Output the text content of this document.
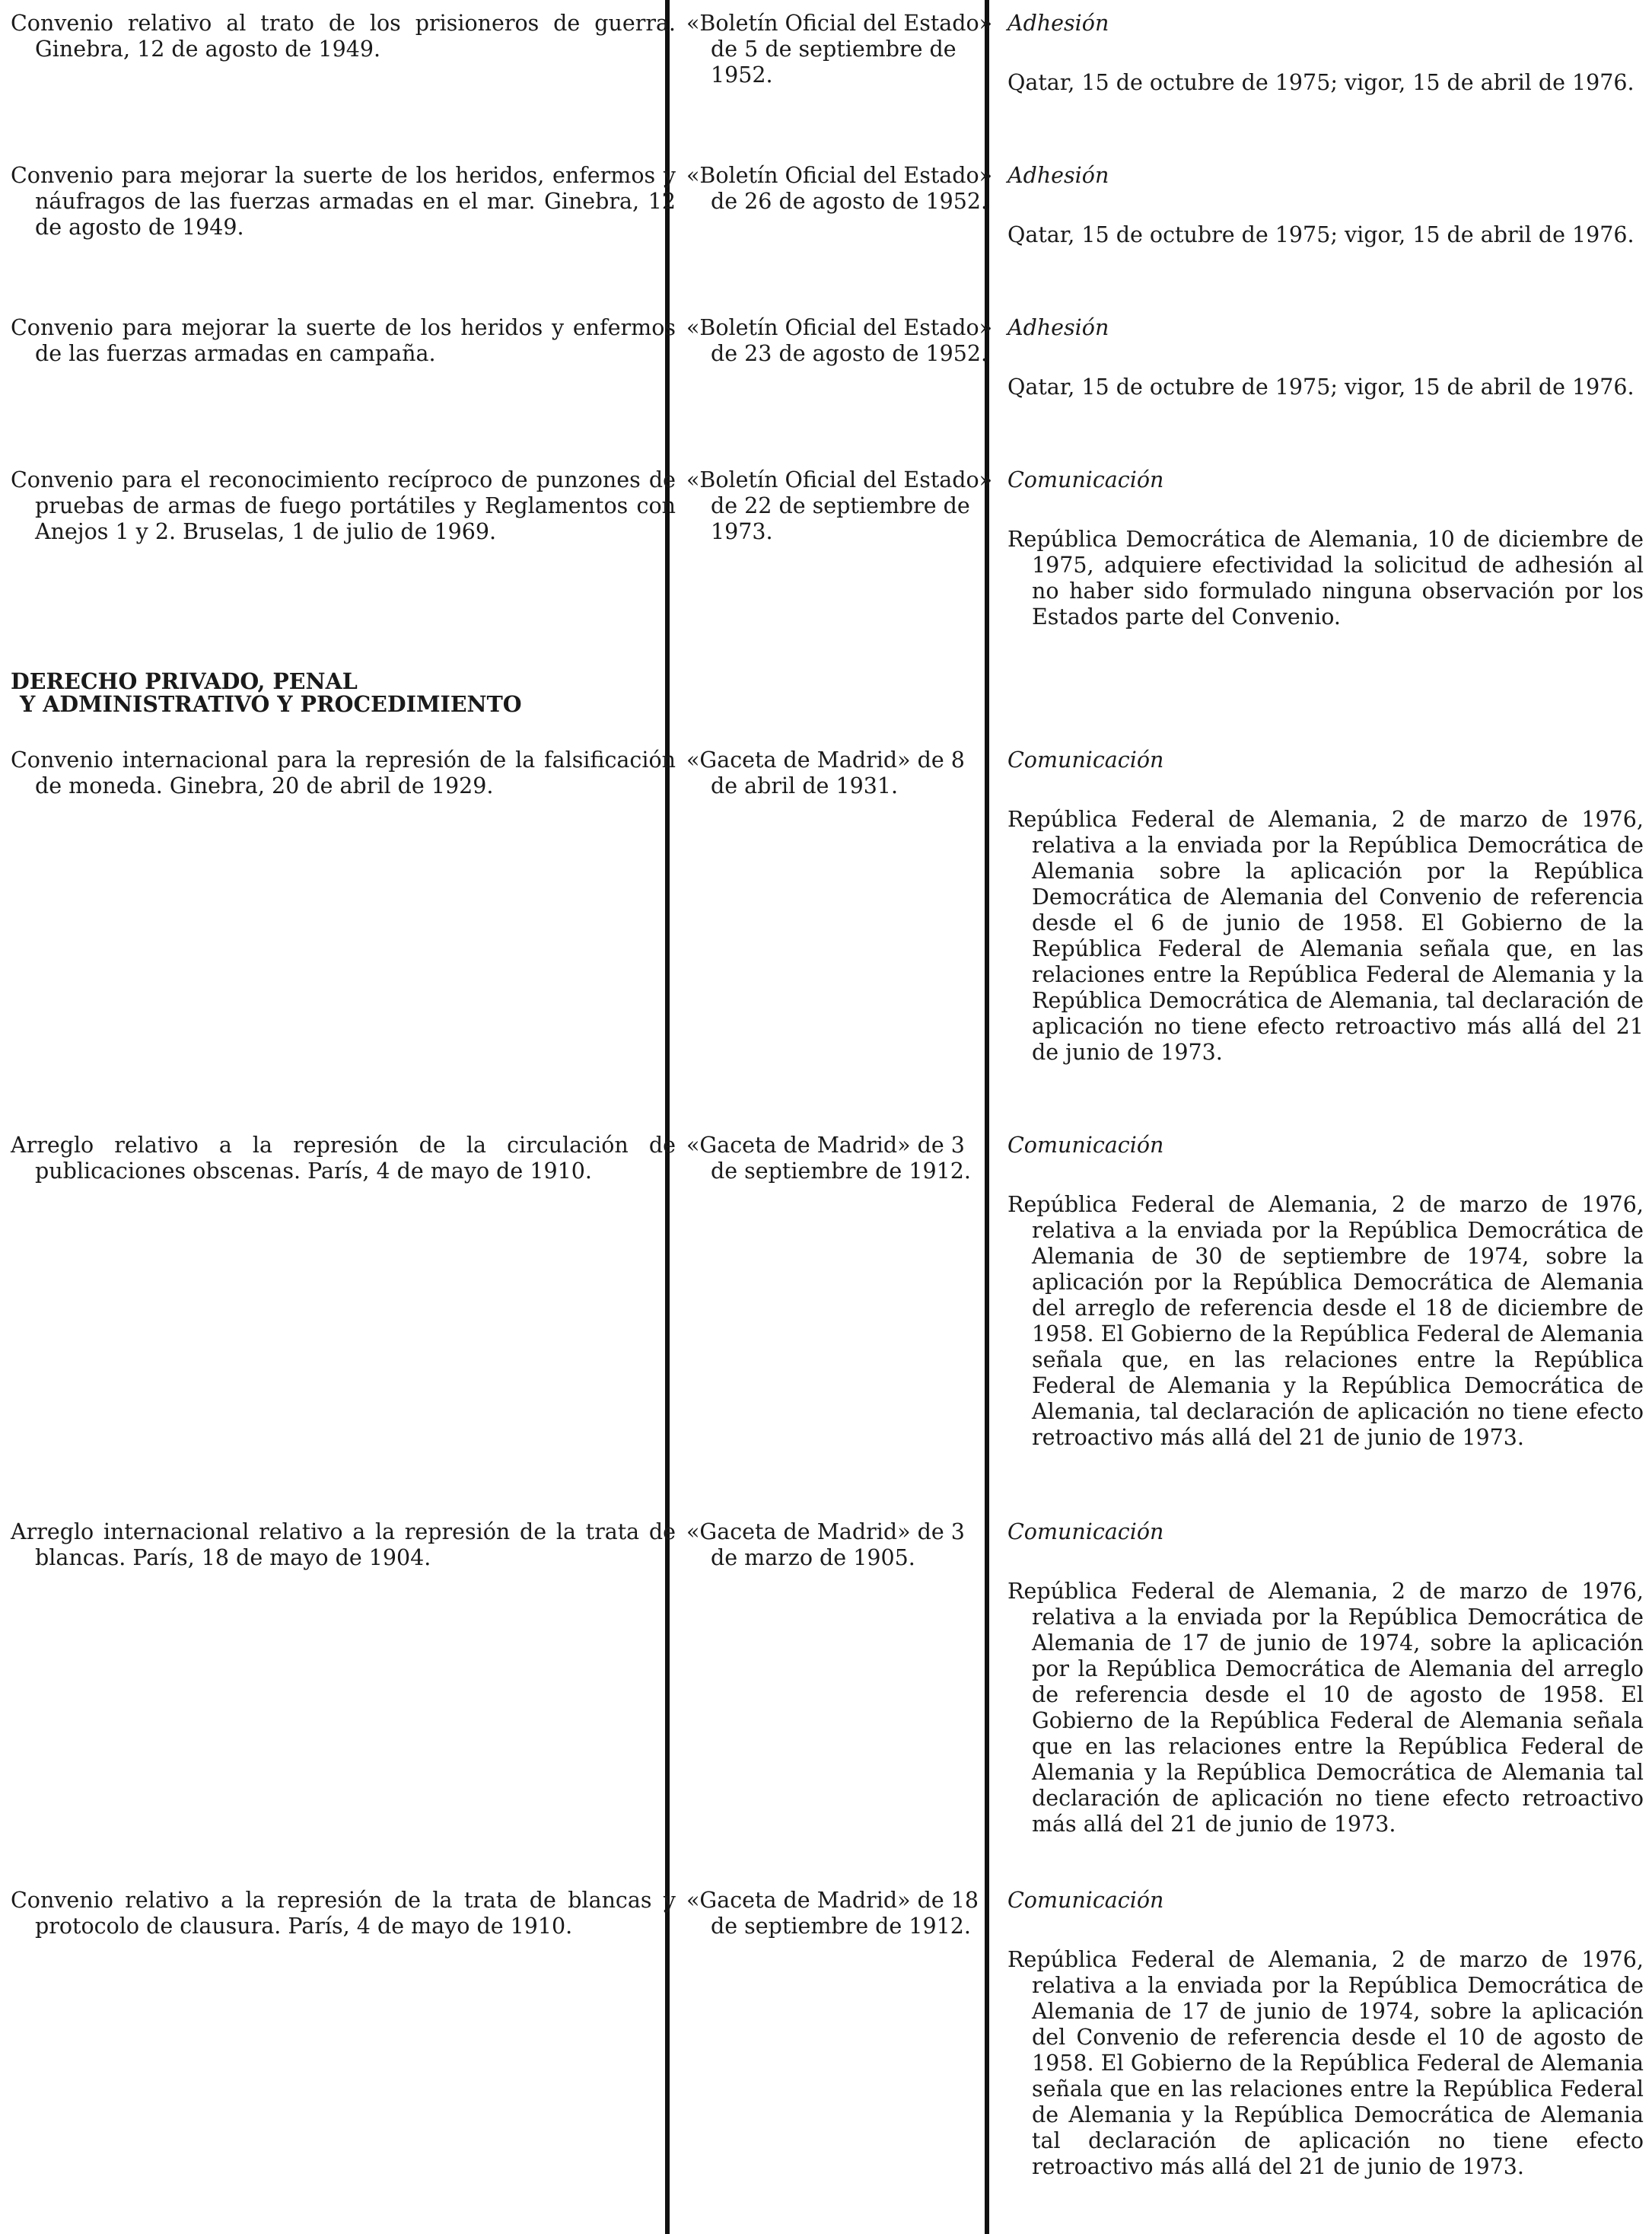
Convenio relativo al trato de los prisioneros de guerra. Ginebra, 12 de agosto de 1949.
«Boletín Oficial del Estado» de 5 de septiembre de 1952.
Adhesión
Qatar, 15 de octubre de 1975; vigor, 15 de abril de 1976.
Convenio para mejorar la suerte de los heridos, enfermos y náufragos de las fuerzas armadas en el mar. Ginebra, 12 de agosto de 1949.
«Boletín Oficial del Estado» de 26 de agosto de 1952.
Adhesión
Qatar, 15 de octubre de 1975; vigor, 15 de abril de 1976.
Convenio para mejorar la suerte de los heridos y enfermos de las fuerzas armadas en campaña.
«Boletín Oficial del Estado» de 23 de agosto de 1952.
Adhesión
Qatar, 15 de octubre de 1975; vigor, 15 de abril de 1976.
Convenio para el reconocimiento recíproco de punzones de pruebas de armas de fuego portátiles y Reglamentos con Anejos 1 y 2. Bruselas, 1 de julio de 1969.
«Boletín Oficial del Estado» de 22 de septiembre de 1973.
Comunicación
República Democrática de Alemania, 10 de diciembre de 1975, adquiere efectividad la solicitud de adhesión al no haber sido formulado ninguna observación por los Estados parte del Convenio.
DERECHO PRIVADO, PENAL
Y ADMINISTRATIVO Y PROCEDIMIENTO
Convenio internacional para la represión de la falsificación de moneda. Ginebra, 20 de abril de 1929.
«Gaceta de Madrid» de 8 de abril de 1931.
Comunicación
República Federal de Alemania, 2 de marzo de 1976, relativa a la enviada por la República Democrática de Alemania sobre la aplicación por la República Democrática de Alemania del Convenio de referencia desde el 6 de junio de 1958. El Gobierno de la República Federal de Alemania señala que, en las relaciones entre la República Federal de Alemania y la República Democrática de Alemania, tal declaración de aplicación no tiene efecto retroactivo más allá del 21 de junio de 1973.
Arreglo relativo a la represión de la circulación de publicaciones obscenas. París, 4 de mayo de 1910.
«Gaceta de Madrid» de 3 de septiembre de 1912.
Comunicación
República Federal de Alemania, 2 de marzo de 1976, relativa a la enviada por la República Democrática de Alemania de 30 de septiembre de 1974, sobre la aplicación por la República Democrática de Alemania del arreglo de referencia desde el 18 de diciembre de 1958. El Gobierno de la República Federal de Alemania señala que, en las relaciones entre la República Federal de Alemania y la República Democrática de Alemania, tal declaración de aplicación no tiene efecto retroactivo más allá del 21 de junio de 1973.
Arreglo internacional relativo a la represión de la trata de blancas. París, 18 de mayo de 1904.
«Gaceta de Madrid» de 3 de marzo de 1905.
Comunicación
República Federal de Alemania, 2 de marzo de 1976, relativa a la enviada por la República Democrática de Alemania de 17 de junio de 1974, sobre la aplicación por la República Democrática de Alemania del arreglo de referencia desde el 10 de agosto de 1958. El Gobierno de la República Federal de Alemania señala que en las relaciones entre la República Federal de Alemania y la República Democrática de Alemania tal declaración de aplicación no tiene efecto retroactivo más allá del 21 de junio de 1973.
Convenio relativo a la represión de la trata de blancas y protocolo de clausura. París, 4 de mayo de 1910.
«Gaceta de Madrid» de 18 de septiembre de 1912.
Comunicación
República Federal de Alemania, 2 de marzo de 1976, relativa a la enviada por la República Democrática de Alemania de 17 de junio de 1974, sobre la aplicación del Convenio de referencia desde el 10 de agosto de 1958. El Gobierno de la República Federal de Alemania señala que en las relaciones entre la República Federal de Alemania y la República Democrática de Alemania tal declaración de aplicación no tiene efecto retroactivo más allá del 21 de junio de 1973.
